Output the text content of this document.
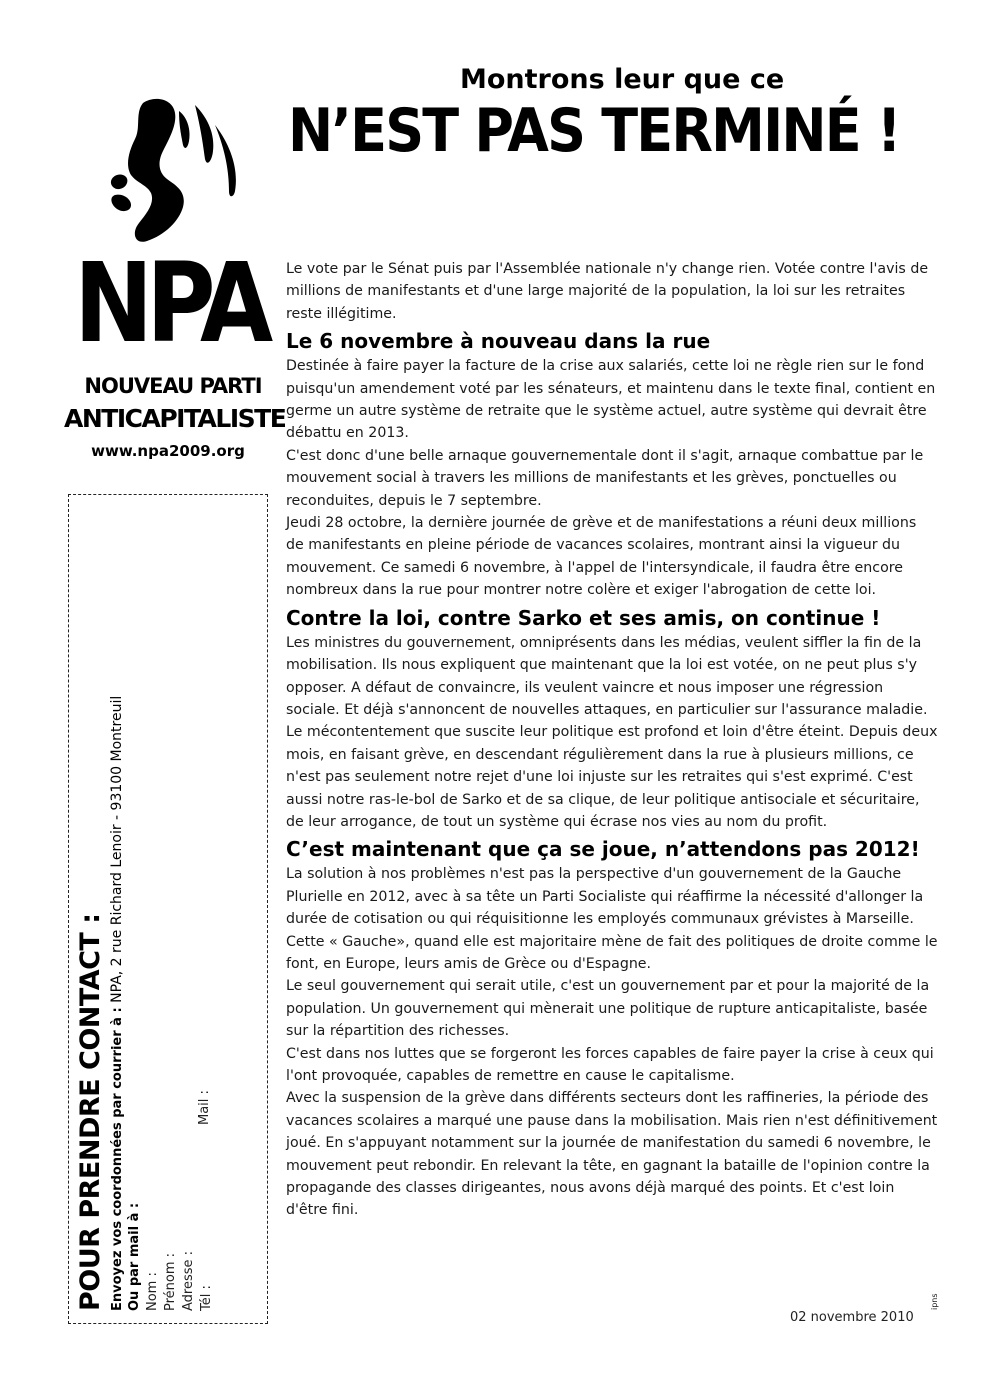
NPA
NOUVEAU PARTI
ANTICAPITALISTE
www.npa2009.org
POUR PRENDRE CONTACT : Envoyez vos coordonnées par courrier à : NPA, 2 rue Richard Lenoir - 93100 Montreuil
Ou par mail à : Nom : Prénom : Adresse : Tél :
Mail :
Montrons leur que ce
N’EST PAS TERMINÉ !

Le vote par le Sénat puis par l'Assemblée nationale n'y change rien. Votée contre l'avis de millions de manifestants et d'une large majorité de la population, la loi sur les retraites reste illégitime.

Le 6 novembre à nouveau dans la rue

Destinée à faire payer la facture de la crise aux salariés, cette loi ne règle rien sur le fond puisqu'un amendement voté par les sénateurs, et maintenu dans le texte final, contient en germe un autre système de retraite que le système actuel, autre système qui devrait être débattu en 2013.

C'est donc d'une belle arnaque gouvernementale dont il s'agit, arnaque combattue par le mouvement social à travers les millions de manifestants et les grèves, ponctuelles ou reconduites, depuis le 7 septembre.

Jeudi 28 octobre, la dernière journée de grève et de manifestations a réuni deux millions de manifestants en pleine période de vacances scolaires, montrant ainsi la vigueur du mouvement. Ce samedi 6 novembre, à l'appel de l'intersyndicale, il faudra être encore nombreux dans la rue pour montrer notre colère et exiger l'abrogation de cette loi.

Contre la loi, contre Sarko et ses amis, on continue !

Les ministres du gouvernement, omniprésents dans les médias, veulent siffler la fin de la mobilisation. Ils nous expliquent que maintenant que la loi est votée, on ne peut plus s'y opposer. A défaut de convaincre, ils veulent vaincre et nous imposer une régression sociale. Et déjà s'annoncent de nouvelles attaques, en particulier sur l'assurance maladie.

Le mécontentement que suscite leur politique est profond et loin d'être éteint. Depuis deux mois, en faisant grève, en descendant régulièrement dans la rue à plusieurs millions, ce n'est pas seulement notre rejet d'une loi injuste sur les retraites qui s'est exprimé. C'est aussi notre ras-le-bol de Sarko et de sa clique, de leur politique antisociale et sécuritaire, de leur arrogance, de tout un système qui écrase nos vies au nom du profit.

C’est maintenant que ça se joue, n’attendons pas 2012!

La solution à nos problèmes n'est pas la perspective d'un gouvernement de la Gauche Plurielle en 2012, avec à sa tête un Parti Socialiste qui réaffirme la nécessité d'allonger la durée de cotisation ou qui réquisitionne les employés communaux grévistes à Marseille. Cette « Gauche», quand elle est majoritaire mène de fait des politiques de droite comme le font, en Europe, leurs amis de Grèce ou d'Espagne.

Le seul gouvernement qui serait utile, c'est un gouvernement par et pour la majorité de la population. Un gouvernement qui mènerait une politique de rupture anticapitaliste, basée sur la répartition des richesses.

C'est dans nos luttes que se forgeront les forces capables de faire payer la crise à ceux qui l'ont provoquée, capables de remettre en cause le capitalisme.

Avec la suspension de la grève dans différents secteurs dont les raffineries, la période des vacances scolaires a marqué une pause dans la mobilisation. Mais rien n'est définitivement joué. En s'appuyant notamment sur la journée de manifestation du samedi 6 novembre, le mouvement peut rebondir. En relevant la tête, en gagnant la bataille de l'opinion contre la propagande des classes dirigeantes, nous avons déjà marqué des points. Et c'est loin d'être fini.

02 novembre 2010
ipns
